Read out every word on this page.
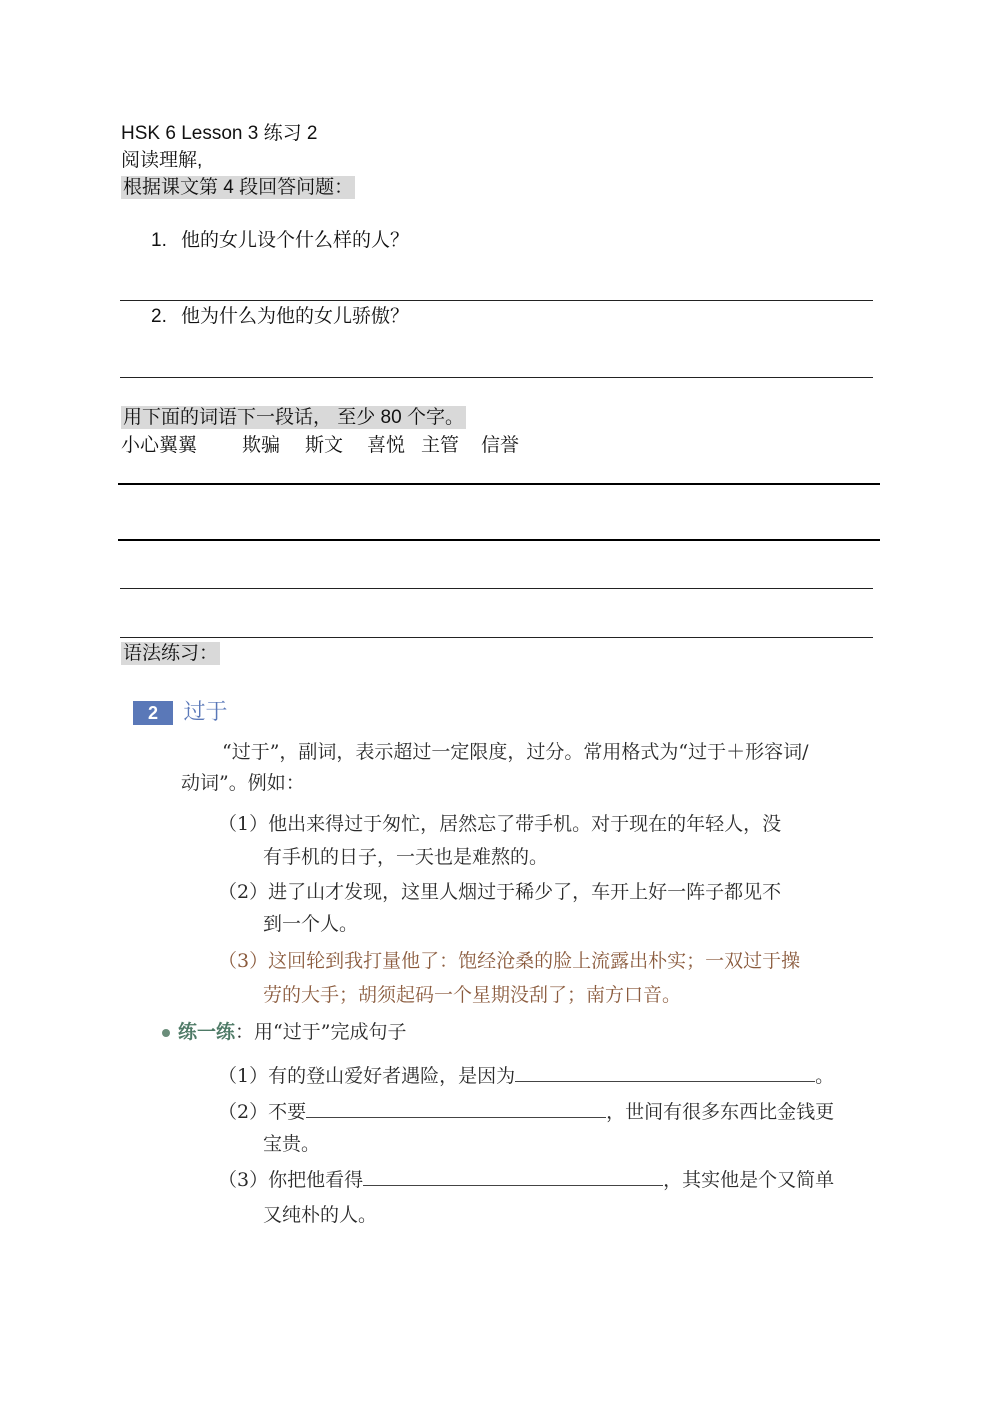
HSK 6 Lesson 3 练习 2
阅读理解,
根据课文第 4 段回答问题：
1. 他的女儿设个什么样的人？
2. 他为什么为他的女儿骄傲？
用下面的词语下一段话， 至少 80 个字。
小心翼翼 欺骗 斯文 喜悦 主管 信誉
语法练习：
2 过于
“过于”，副词，表示超过一定限度，过分。常用格式为“过于＋形容词/
动词”。例如：
（1）他出来得过于匆忙，居然忘了带手机。对于现在的年轻人，没
有手机的日子，一天也是难熬的。
（2）进了山才发现，这里人烟过于稀少了，车开上好一阵子都见不
到一个人。
（3）这回轮到我打量他了：饱经沧桑的脸上流露出朴实；一双过于操
劳的大手；胡须起码一个星期没刮了；南方口音。
练一练：用“过于”完成句子
（1）有的登山爱好者遇险，是因为	。
（2）不要	，世间有很多东西比金钱更
宝贵。
（3）你把他看得	，其实他是个又简单
又纯朴的人。
